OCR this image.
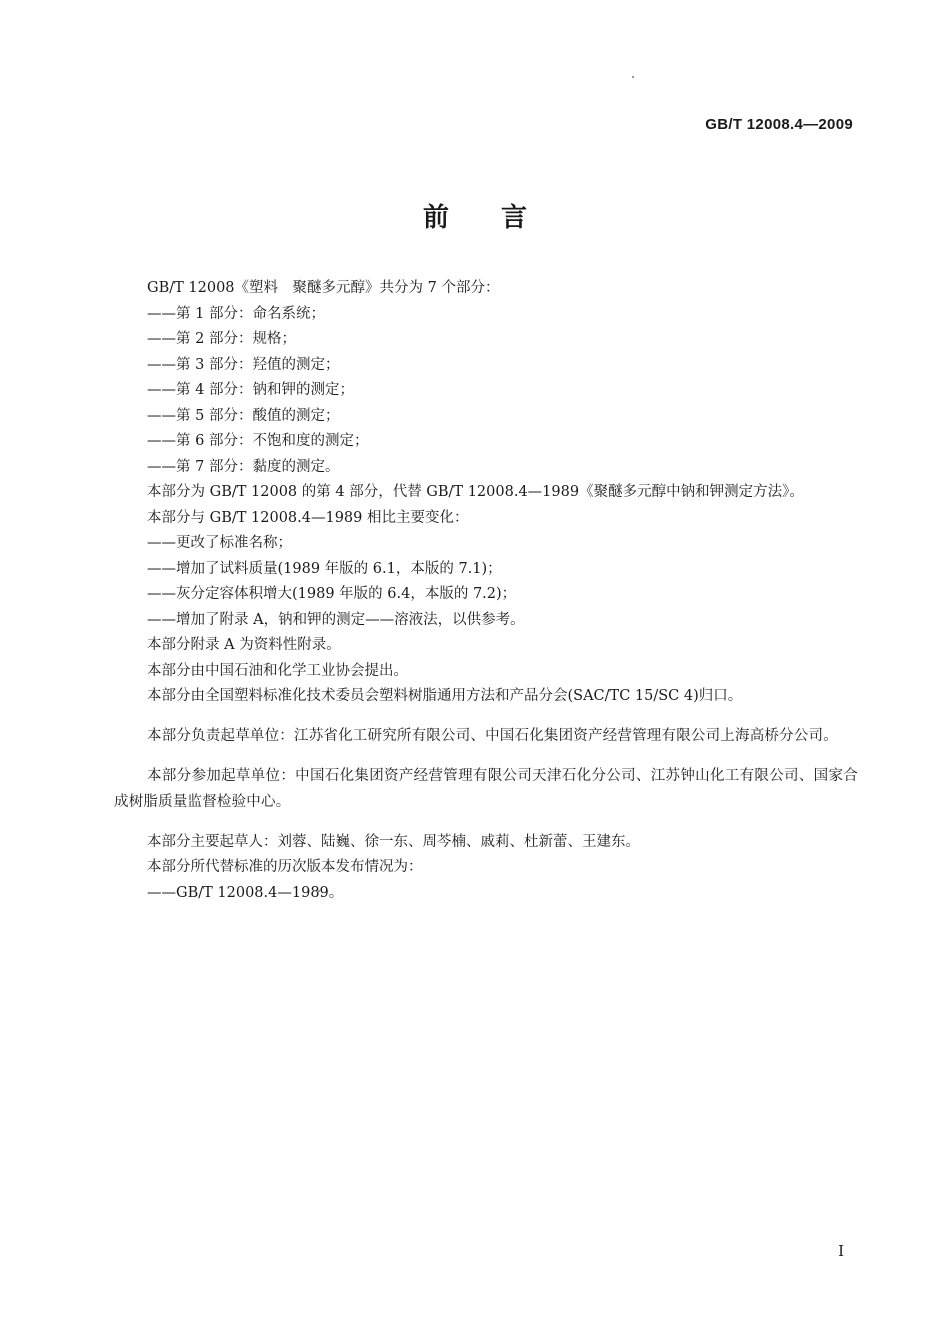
GB/T 12008.4—2009
前 言

GB/T 12008《塑料　聚醚多元醇》共分为 7 个部分：

——第 1 部分：命名系统；

——第 2 部分：规格；

——第 3 部分：羟值的测定；

——第 4 部分：钠和钾的测定；

——第 5 部分：酸值的测定；

——第 6 部分：不饱和度的测定；

——第 7 部分：黏度的测定。

本部分为 GB/T 12008 的第 4 部分，代替 GB/T 12008.4—1989《聚醚多元醇中钠和钾测定方法》。

本部分与 GB/T 12008.4—1989 相比主要变化：

——更改了标准名称；

——增加了试料质量(1989 年版的 6.1，本版的 7.1)；

——灰分定容体积增大(1989 年版的 6.4，本版的 7.2)；

——增加了附录 A，钠和钾的测定——溶液法，以供参考。

本部分附录 A 为资料性附录。

本部分由中国石油和化学工业协会提出。

本部分由全国塑料标准化技术委员会塑料树脂通用方法和产品分会(SAC/TC 15/SC 4)归口。

本部分负责起草单位：江苏省化工研究所有限公司、中国石化集团资产经营管理有限公司上海高桥分公司。

本部分参加起草单位：中国石化集团资产经营管理有限公司天津石化分公司、江苏钟山化工有限公司、国家合成树脂质量监督检验中心。

本部分主要起草人：刘蓉、陆巍、徐一东、周芩楠、戚莉、杜新蕾、王建东。

本部分所代替标准的历次版本发布情况为：

——GB/T 12008.4—1989。

I
